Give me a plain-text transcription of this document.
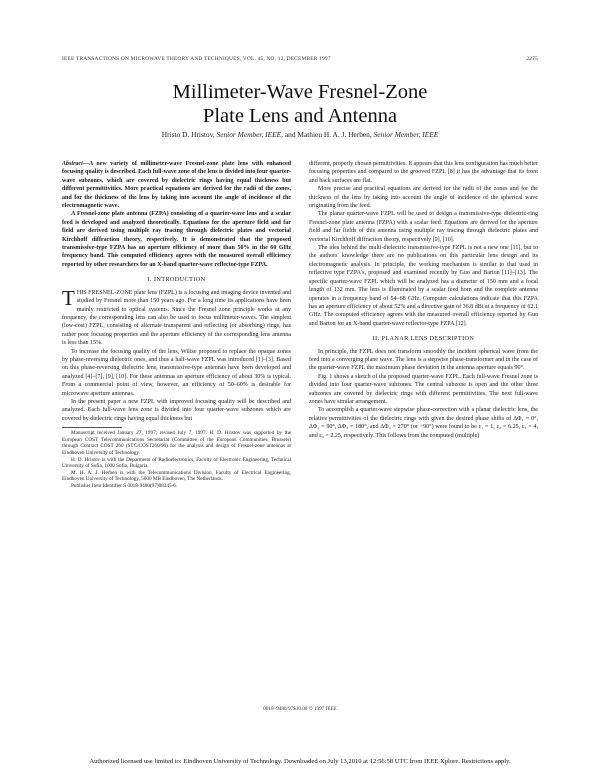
IEEE TRANSACTIONS ON MICROWAVE THEORY AND TECHNIQUES, VOL. 45, NO. 12, DECEMBER 1997	2275
Millimeter-Wave Fresnel-Zone
Plate Lens and Antenna
Hristo D. Hristov, Senior Member, IEEE, and Mathieu H. A. J. Herben, Senior Member, IEEE

Abstract—A new variety of millimeter-wave Fresnel-zone plate lens with enhanced focusing quality is described. Each full-wave zone of the lens is divided into four quarter-wave subzones, which are covered by dielectric rings having equal thickness but different permittivities. More practical equations are derived for the radii of the zones, and for the thickness of the lens by taking into account the angle of incidence of the electromagnetic wave.

A Fresnel-zone plate antenna (FZPA) consisting of a quarter-wave lens and a scalar feed is developed and analyzed theoretically. Equations for the aperture field and far field are derived using multiple ray tracing through dielectric plates and vectorial Kirchhoff diffraction theory, respectively. It is demonstrated that the proposed transmissive-type FZPA has an aperture efficiency of more than 50% in the 60 GHz frequency band. This computed efficiency agrees with the measured overall efficiency reported by other researchers for an X-band quarter-wave reflector-type FZPA.

I. INTRODUCTION

THIS FRESNEL-ZONE plate lens (FZPL) is a focusing and imaging device invented and studied by Fresnel more than 150 years ago. For a long time its applications have been mainly restricted to optical systems. Since the Fresnel zone principle works at any frequency, the corresponding lens can also be used to focus millimeter-waves. The simplest (low-cost) FZPL, consisting of alternate transparent and reflecting (or absorbing) rings, has rather poor focusing properties and the aperture efficiency of the corresponding lens antenna is less than 15%.

To increase the focusing quality of the lens, Wiltse proposed to replace the opaque zones by phase-reversing dielectric ones, and thus a half-wave FZPL was introduced [1]–[3]. Based on this phase-reversing dielectric lens, transmissive-type antennas have been developed and analyzed [4]–[7], [9], [10]. For these antennas an aperture efficiency of about 30% is typical. From a commercial point of view, however, an efficiency of 50–60% is desirable for microwave aperture antennas.

In the present paper a new FZPL with improved focusing quality will be described and analyzed. Each full-wave lens zone is divided into four quarter-wave subzones which are covered by dielectric rings having equal thickness but

Manuscript received January 27, 1997; revised July 7, 1997. H. D. Hristov was supported by the European COST Telecommunications Secretariat (Committee of the European Communities, Brussels) through Contract COST 260 (STC/COST260/96) for the analysis and design of Fresnel-zone antennas at Eindhoven University of Technology.

H. D. Hristov is with the Department of Radioelectronics, Faculty of Electronic Engineering, Technical University of Sofia, 1000 Sofia, Bulgaria.

M. H. A. J. Herben is with the Telecommunications Division, Faculty of Electrical Engineering, Eindhoven University of Technology, 5600 MB Eindhoven, The Netherlands.

Publisher Item Identifier S 0018-9480(97)08345-6.

different, properly chosen permittivities. It appears that this lens configuration has much better focusing properties and compared to the grooved FZPL [8] it has the advantage that its front and back surfaces are flat.

More precise and practical equations are derived for the radii of the zones and for the thickness of the lens by taking into account the angle of incidence of the spherical wave originating from the feed.

The planar quarter-wave FZPL will be used to design a transmissive-type dielectric-ring Fresnel-zone plate antenna (FZPA) with a scalar feed. Equations are derived for the aperture field and far fields of this antenna using multiple ray tracing through dielectric plates and vectorial Kirchhoff diffraction theory, respectively [9], [10].

The idea behind the multi-dielectric transmissive-type FZPL is not a new one [11], but to the authors' knowledge there are no publications on this particular lens design and its electromagnetic analysis. In principle, the working mechanism is similar to that used in reflective type FZPA's, proposed and examined recently by Guo and Barton [11]–[13]. The specific quarter-wave FZPL which will be analyzed has a diameter of 150 mm and a focal length of 132 mm. The lens is illuminated by a scalar feed horn and the complete antenna operates in a frequency band of 54–68 GHz. Computer calculations indicate that this FZPA has an aperture efficiency of about 52% and a directive gain of 36.8 dBi at a frequency of 62.1 GHz. The computed efficiency agrees with the measured overall efficiency reported by Guo and Barton for an X-band quarter-wave reflector-type FZPA [12].

II. PLANAR LENS DESCRIPTION

In principle, the FZPL does not transform smoothly the incident spherical wave from the feed into a converging plane wave. The lens is a stepwise phase-transformer and in the case of the quarter-wave FZPL the maximum phase deviation in the antenna aperture equals 90°.

Fig. 1 shows a sketch of the proposed quarter-wave FZPL. Each full-wave Fresnel zone is divided into four quarter-wave subzones. The central subzone is open and the other three subzones are covered by dielectric rings with different permittivities. The next full-wave zones have similar arrangement.

To accomplish a quarter-wave stepwise phase-correction with a planar dielectric lens, the relative permittivities of the dielectric rings with given the desired phase shifts of ΔΦ₁ = 0°, ΔΦ₂ = 90°, ΔΦ₃ = 180°, and ΔΦ₄ = 270° (or −90°) were found to be ε₁ = 1, ε₂ = 6.25, ε₃ = 4, and ε₄ = 2.25, respectively. This follows from the computed (multiple)

0018–9480/97$10.00 © 1997 IEEE
Authorized licensed use limited to: Eindhoven University of Technology. Downloaded on July 13,2010 at 12:56:58 UTC from IEEE Xplore. Restrictions apply.
